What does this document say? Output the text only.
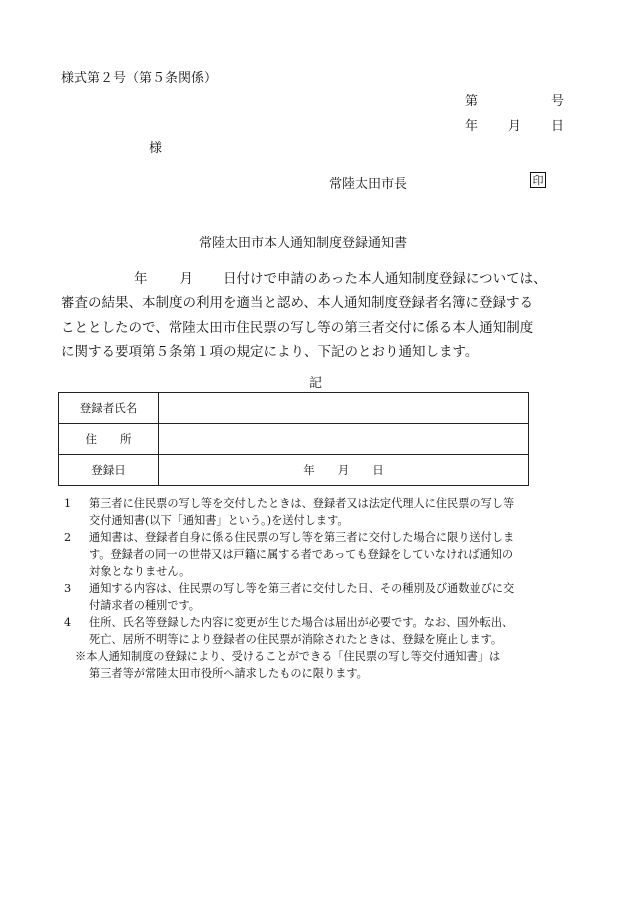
様式第２号（第５条関係）
第	号
年 月 日
様
常陸太田市長	印
常陸太田市本人通知制度登録通知書
年 月 日付けで申請のあった本人通知制度登録については、
審査の結果、本制度の利用を適当と認め、本人通知制度登録者名簿に登録する
こととしたので、常陸太田市住民票の写し等の第三者交付に係る本人通知制度
に関する要項第５条第１項の規定により、下記のとおり通知します。
記
登録者氏名	
住　　所	
登録日	年　　月　　日
1	第三者に住民票の写し等を交付したときは、登録者又は法定代理人に住民票の写し等
交付通知書(以下「通知書」という。)を送付します。
2	通知書は、登録者自身に係る住民票の写し等を第三者に交付した場合に限り送付しま
す。登録者の同一の世帯又は戸籍に属する者であっても登録をしていなければ通知の
対象となりません。
3	通知する内容は、住民票の写し等を第三者に交付した日、その種別及び通数並びに交
付請求者の種別です。
4	住所、氏名等登録した内容に変更が生じた場合は届出が必要です。なお、国外転出、
死亡、居所不明等により登録者の住民票が消除されたときは、登録を廃止します。
※本人通知制度の登録により、受けることができる「住民票の写し等交付通知書」は
第三者等が常陸太田市役所へ請求したものに限ります。
